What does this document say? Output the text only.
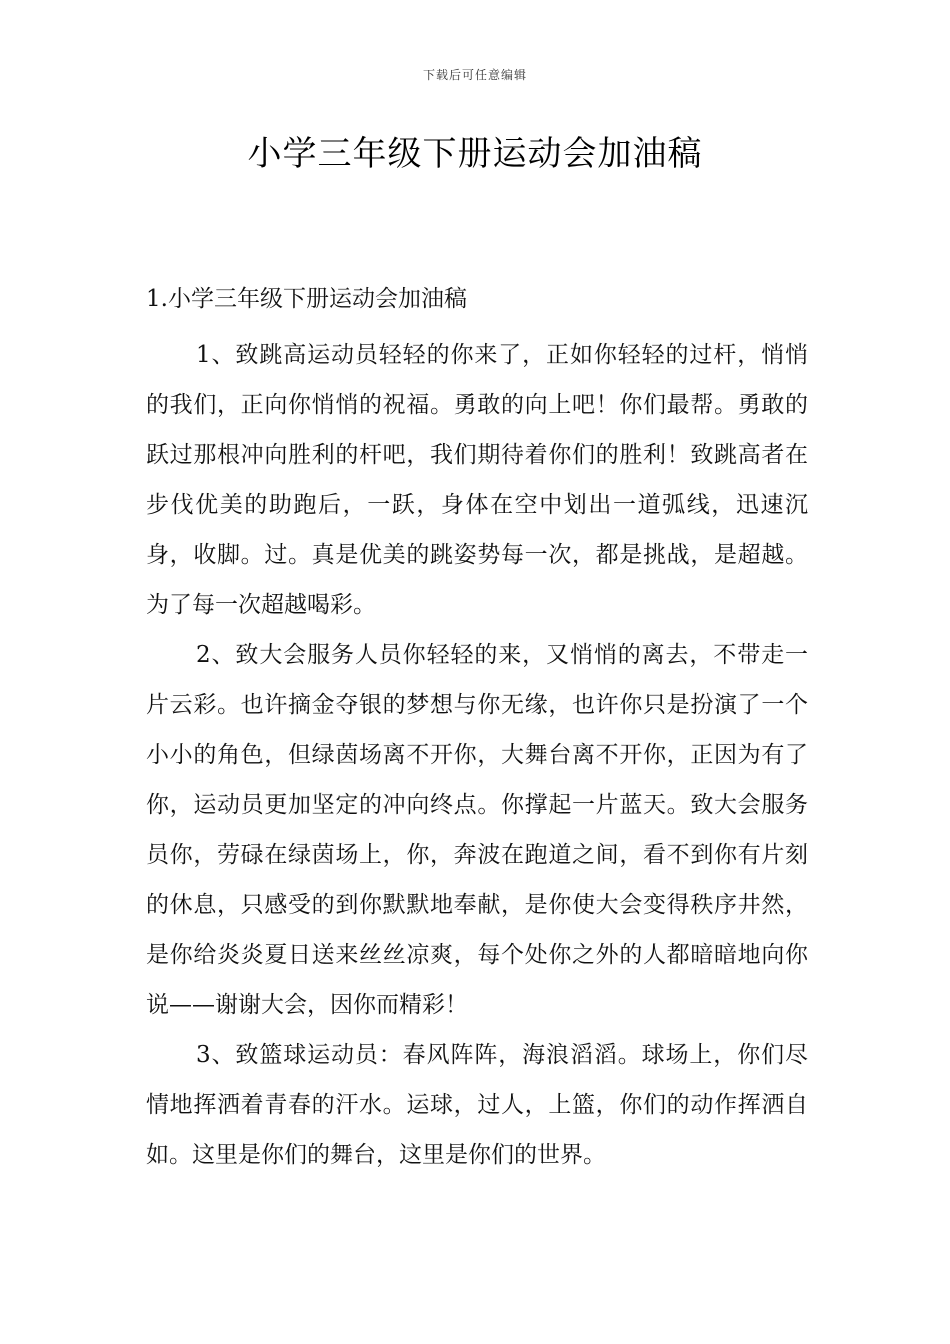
下载后可任意编辑
小学三年级下册运动会加油稿

1.小学三年级下册运动会加油稿

1、致跳高运动员轻轻的你来了，正如你轻轻的过杆，悄悄的我们，正向你悄悄的祝福。勇敢的向上吧！你们最帮。勇敢的跃过那根冲向胜利的杆吧，我们期待着你们的胜利！致跳高者在步伐优美的助跑后，一跃，身体在空中划出一道弧线，迅速沉身，收脚。过。真是优美的跳姿势每一次，都是挑战，是超越。为了每一次超越喝彩。

2、致大会服务人员你轻轻的来，又悄悄的离去，不带走一片云彩。也许摘金夺银的梦想与你无缘，也许你只是扮演了一个小小的角色，但绿茵场离不开你，大舞台离不开你，正因为有了你，运动员更加坚定的冲向终点。你撑起一片蓝天。致大会服务员你，劳碌在绿茵场上，你，奔波在跑道之间，看不到你有片刻的休息，只感受的到你默默地奉献，是你使大会变得秩序井然，是你给炎炎夏日送来丝丝凉爽，每个处你之外的人都暗暗地向你说——谢谢大会，因你而精彩！

3、致篮球运动员：春风阵阵，海浪滔滔。球场上，你们尽情地挥洒着青春的汗水。运球，过人，上篮，你们的动作挥洒自如。这里是你们的舞台，这里是你们的世界。
